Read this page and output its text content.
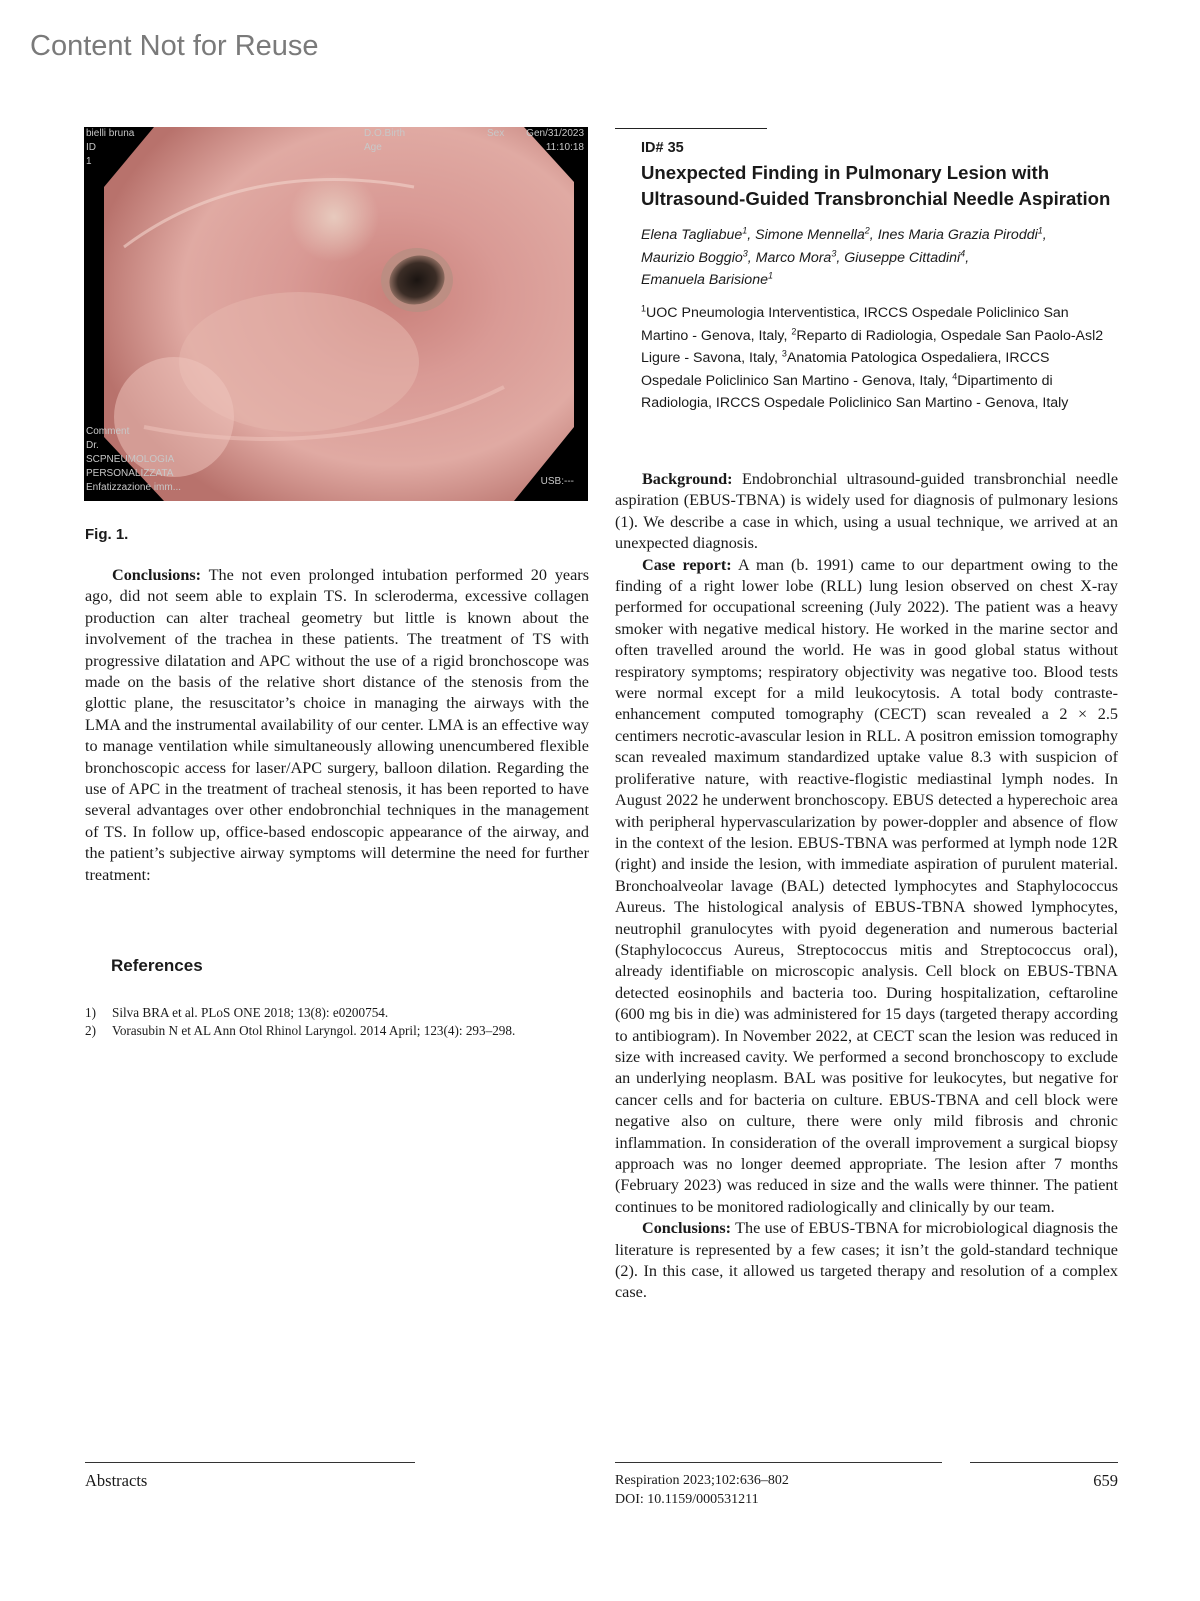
Content Not for Reuse
bielli bruna
ID
1
D.O.Birth
Age
Sex Gen/31/2023
11:10:18
Comment
Dr.
SCPNEUMOLOGIA
PERSONALIZZATA
Enfatizzazione imm...
USB:---
Fig. 1.

Conclusions: The not even prolonged intubation performed 20 years ago, did not seem able to explain TS. In scleroderma, excessive collagen production can alter tracheal geometry but little is known about the involvement of the trachea in these patients. The treatment of TS with progressive dilatation and APC without the use of a rigid bronchoscope was made on the basis of the relative short distance of the stenosis from the glottic plane, the resuscitator’s choice in managing the airways with the LMA and the instrumental availability of our center. LMA is an effective way to manage ventilation while simultaneously allowing unencumbered flexible bronchoscopic access for laser/APC surgery, balloon dilation. Regarding the use of APC in the treatment of tracheal stenosis, it has been reported to have several advantages over other endobronchial techniques in the management of TS. In follow up, office-based endoscopic appearance of the airway, and the patient’s subjective airway symptoms will determine the need for further treatment:

References
1)	Silva BRA et al. PLoS ONE 2018; 13(8): e0200754.
2)	Vorasubin N et AL Ann Otol Rhinol Laryngol. 2014 April; 123(4): 293–298.
ID# 35
Unexpected Finding in Pulmonary Lesion with
Ultrasound-Guided Transbronchial Needle Aspiration
Elena Tagliabue$^1$, Simone Mennella$^2$, Ines Maria Grazia Piroddi$^1$,
Maurizio Boggio$^3$, Marco Mora$^3$, Giuseppe Cittadini$^4$,
Emanuela Barisione$^1$
$^1$UOC Pneumologia Interventistica, IRCCS Ospedale Policlinico San Martino - Genova, Italy, $^2$Reparto di Radiologia, Ospedale San Paolo-Asl2 Ligure - Savona, Italy, $^3$Anatomia Patologica Ospedaliera, IRCCS Ospedale Policlinico San Martino - Genova, Italy, $^4$Dipartimento di Radiologia, IRCCS Ospedale Policlinico San Martino - Genova, Italy

Background: Endobronchial ultrasound-guided transbronchial needle aspiration (EBUS-TBNA) is widely used for diagnosis of pulmonary lesions (1). We describe a case in which, using a usual technique, we arrived at an unexpected diagnosis.

Case report: A man (b. 1991) came to our department owing to the finding of a right lower lobe (RLL) lung lesion observed on chest X-ray performed for occupational screening (July 2022). The patient was a heavy smoker with negative medical history. He worked in the marine sector and often travelled around the world. He was in good global status without respiratory symptoms; respiratory objectivity was negative too. Blood tests were normal except for a mild leukocytosis. A total body contraste-enhancement computed tomography (CECT) scan revealed a 2 × 2.5 centimers necrotic-avascular lesion in RLL. A positron emission tomography scan revealed maximum standardized uptake value 8.3 with suspicion of proliferative nature, with reactive-flogistic mediastinal lymph nodes. In August 2022 he underwent bronchoscopy. EBUS detected a hyperechoic area with peripheral hypervascularization by power-doppler and absence of flow in the context of the lesion. EBUS-TBNA was performed at lymph node 12R (right) and inside the lesion, with immediate aspiration of purulent material. Bronchoalveolar lavage (BAL) detected lymphocytes and Staphylococcus Aureus. The histological analysis of EBUS-TBNA showed lymphocytes, neutrophil granulocytes with pyoid degeneration and numerous bacterial (Staphylococcus Aureus, Streptococcus mitis and Streptococcus oral), already identifiable on microscopic analysis. Cell block on EBUS-TBNA detected eosinophils and bacteria too. During hospitalization, ceftaroline (600 mg bis in die) was administered for 15 days (targeted therapy according to antibiogram). In November 2022, at CECT scan the lesion was reduced in size with increased cavity. We performed a second bronchoscopy to exclude an underlying neoplasm. BAL was positive for leukocytes, but negative for cancer cells and for bacteria on culture. EBUS-TBNA and cell block were negative also on culture, there were only mild fibrosis and chronic inflammation. In consideration of the overall improvement a surgical biopsy approach was no longer deemed appropriate. The lesion after 7 months (February 2023) was reduced in size and the walls were thinner. The patient continues to be monitored radiologically and clinically by our team.

Conclusions: The use of EBUS-TBNA for microbiological diagnosis the literature is represented by a few cases; it isn’t the gold-standard technique (2). In this case, it allowed us targeted therapy and resolution of a complex case.

Abstracts	Respiration 2023;102:636–802
DOI: 10.1159/000531211
659
